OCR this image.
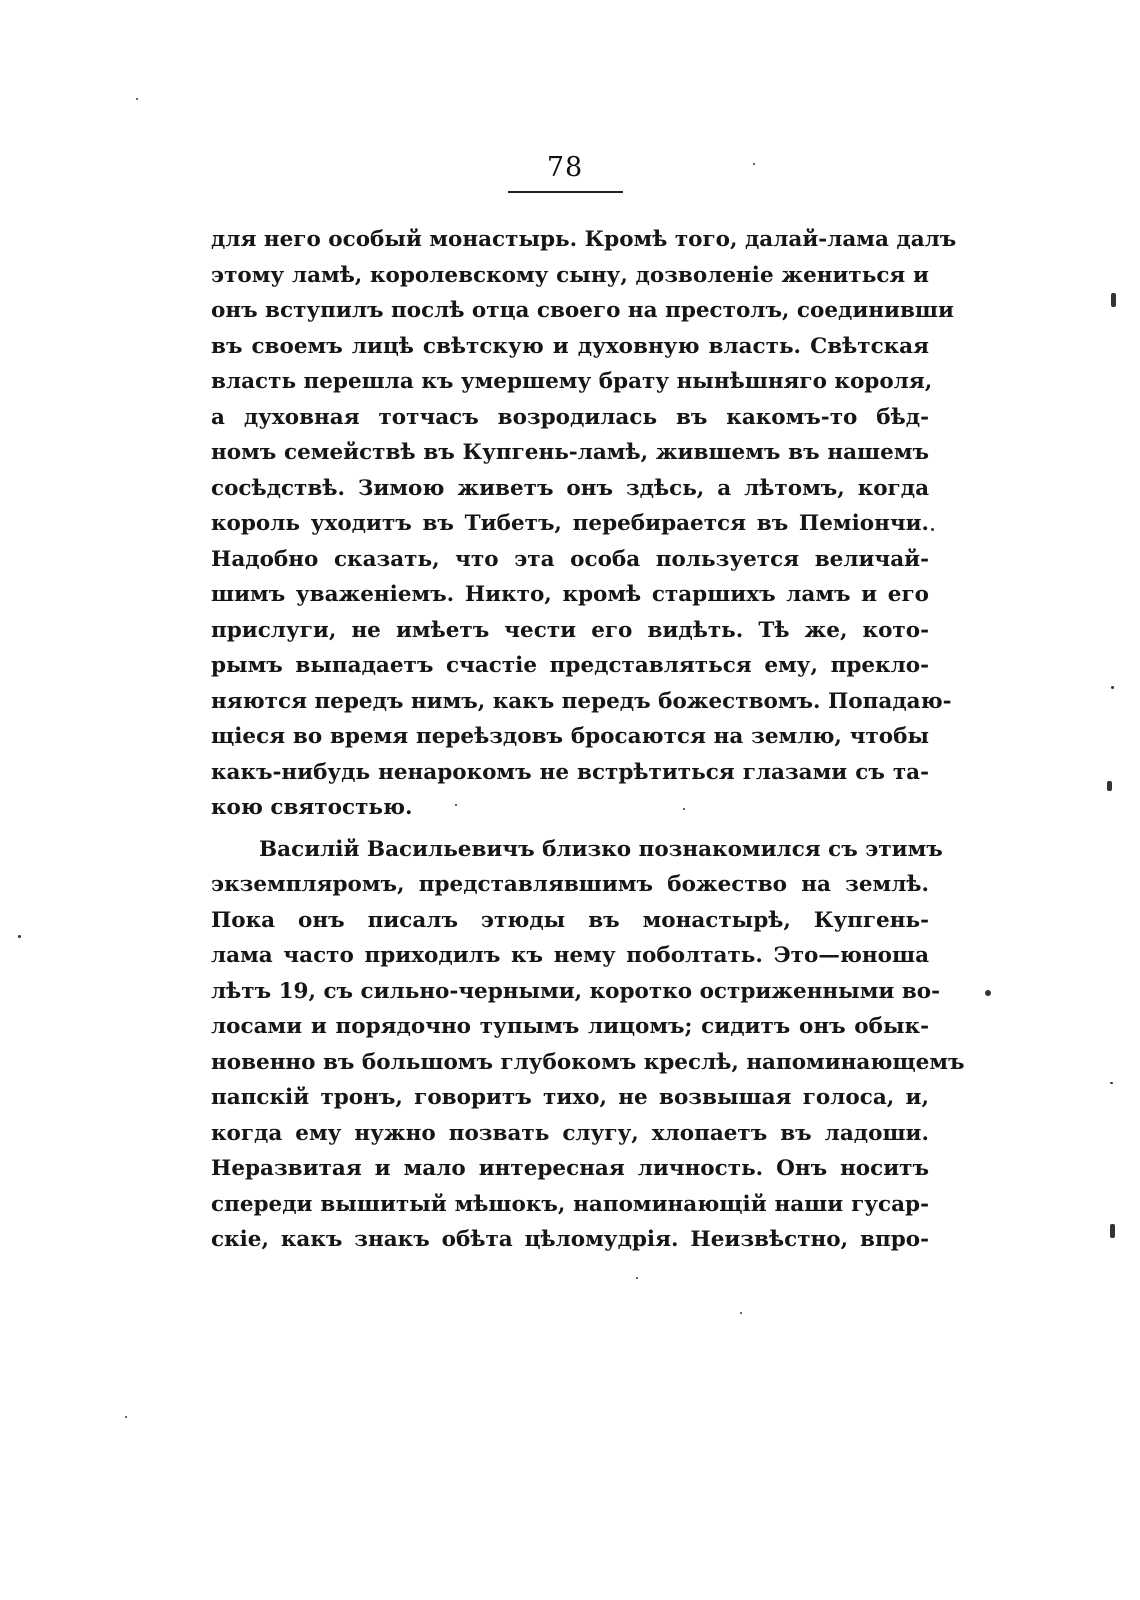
78
для него особый монастырь. Кромѣ того, далай-лама далъ
этому ламѣ, королевскому сыну, дозволеніе жениться и
онъ вступилъ послѣ отца своего на престолъ, соединивши
въ своемъ лицѣ свѣтскую и духовную власть. Свѣтская
власть перешла къ умершему брату нынѣшняго короля,
а духовная тотчасъ возродилась въ какомъ-то бѣд-
номъ семействѣ въ Купгень-ламѣ, жившемъ въ нашемъ
сосѣдствѣ. Зимою живетъ онъ здѣсь, а лѣтомъ, когда
король уходитъ въ Тибетъ, перебирается въ Пеміончи.
Надобно сказать, что эта особа пользуется величай-
шимъ уваженіемъ. Никто, кромѣ старшихъ ламъ и его
прислуги, не имѣетъ чести его видѣть. Тѣ же, кото-
рымъ выпадаетъ счастіе представляться ему, преклo-
няются передъ нимъ, какъ передъ божествомъ. Попадаю-
щіеся во время переѣздовъ бросаются на землю, чтобы
какъ-нибудь ненарокомъ не встрѣтиться глазами съ та-
кою святостью.
Василій Васильевичъ близко познакомился съ этимъ
экземпляромъ, представлявшимъ божество на землѣ.
Пока онъ писалъ этюды въ монастырѣ, Купгень-
лама часто приходилъ къ нему поболтать. Это—юноша
лѣтъ 19, съ сильно-черными, коротко остриженными во-
лосами и порядочно тупымъ лицомъ; сидитъ онъ обык-
новенно въ большомъ глубокомъ креслѣ, напоминающемъ
папскій тронъ, говоритъ тихо, не возвышая голоса, и,
когда ему нужно позвать слугу, хлопаетъ въ ладоши.
Неразвитая и мало интересная личность. Онъ носитъ
спереди вышитый мѣшокъ, напоминающій наши гусар-
скіе, какъ знакъ обѣта цѣломудрія. Неизвѣстно, впро-
